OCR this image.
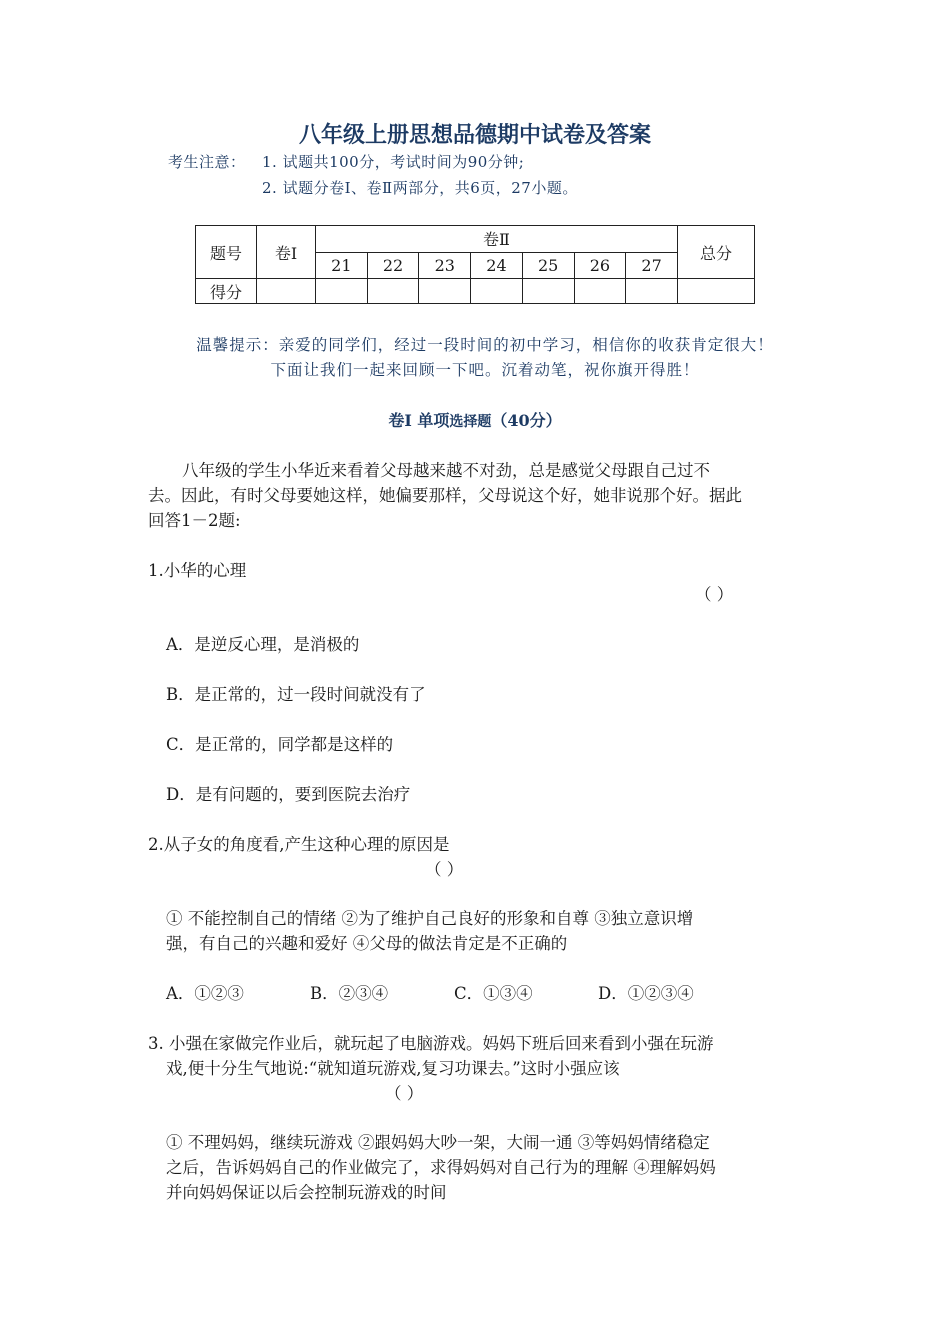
八年级上册思想品德期中试卷及答案
考生注意： 1. 试题共100分，考试时间为90分钟;
2. 试题分卷Ⅰ、卷Ⅱ两部分，共6页，27小题。
题号	卷Ⅰ	卷Ⅱ							总分
		21	22	23	24	25	26	27	
得分									
温馨提示：亲爱的同学们，经过一段时间的初中学习，相信你的收获肯定很大！
下面让我们一起来回顾一下吧。沉着动笔，祝你旗开得胜！
卷Ⅰ 单项选择题（40分）
八年级的学生小华近来看着父母越来越不对劲，总是感觉父母跟自己过不
去。因此，有时父母要她这样，她偏要那样，父母说这个好，她非说那个好。据此
回答1－2题:
1.小华的心理
（ ）
A．是逆反心理，是消极的
B．是正常的，过一段时间就没有了
C．是正常的，同学都是这样的
D．是有问题的，要到医院去治疗
2.从子女的角度看,产生这种心理的原因是
（ ）
① 不能控制自己的情绪 ②为了维护自己良好的形象和自尊 ③独立意识增
强，有自己的兴趣和爱好 ④父母的做法肯定是不正确的
A．①②③	B．②③④	C．①③④	D．①②③④
3. 小强在家做完作业后，就玩起了电脑游戏。妈妈下班后回来看到小强在玩游
戏,便十分生气地说:“就知道玩游戏,复习功课去。”这时小强应该
（ ）
① 不理妈妈，继续玩游戏 ②跟妈妈大吵一架，大闹一通 ③等妈妈情绪稳定
之后，告诉妈妈自己的作业做完了，求得妈妈对自己行为的理解 ④理解妈妈
并向妈妈保证以后会控制玩游戏的时间
